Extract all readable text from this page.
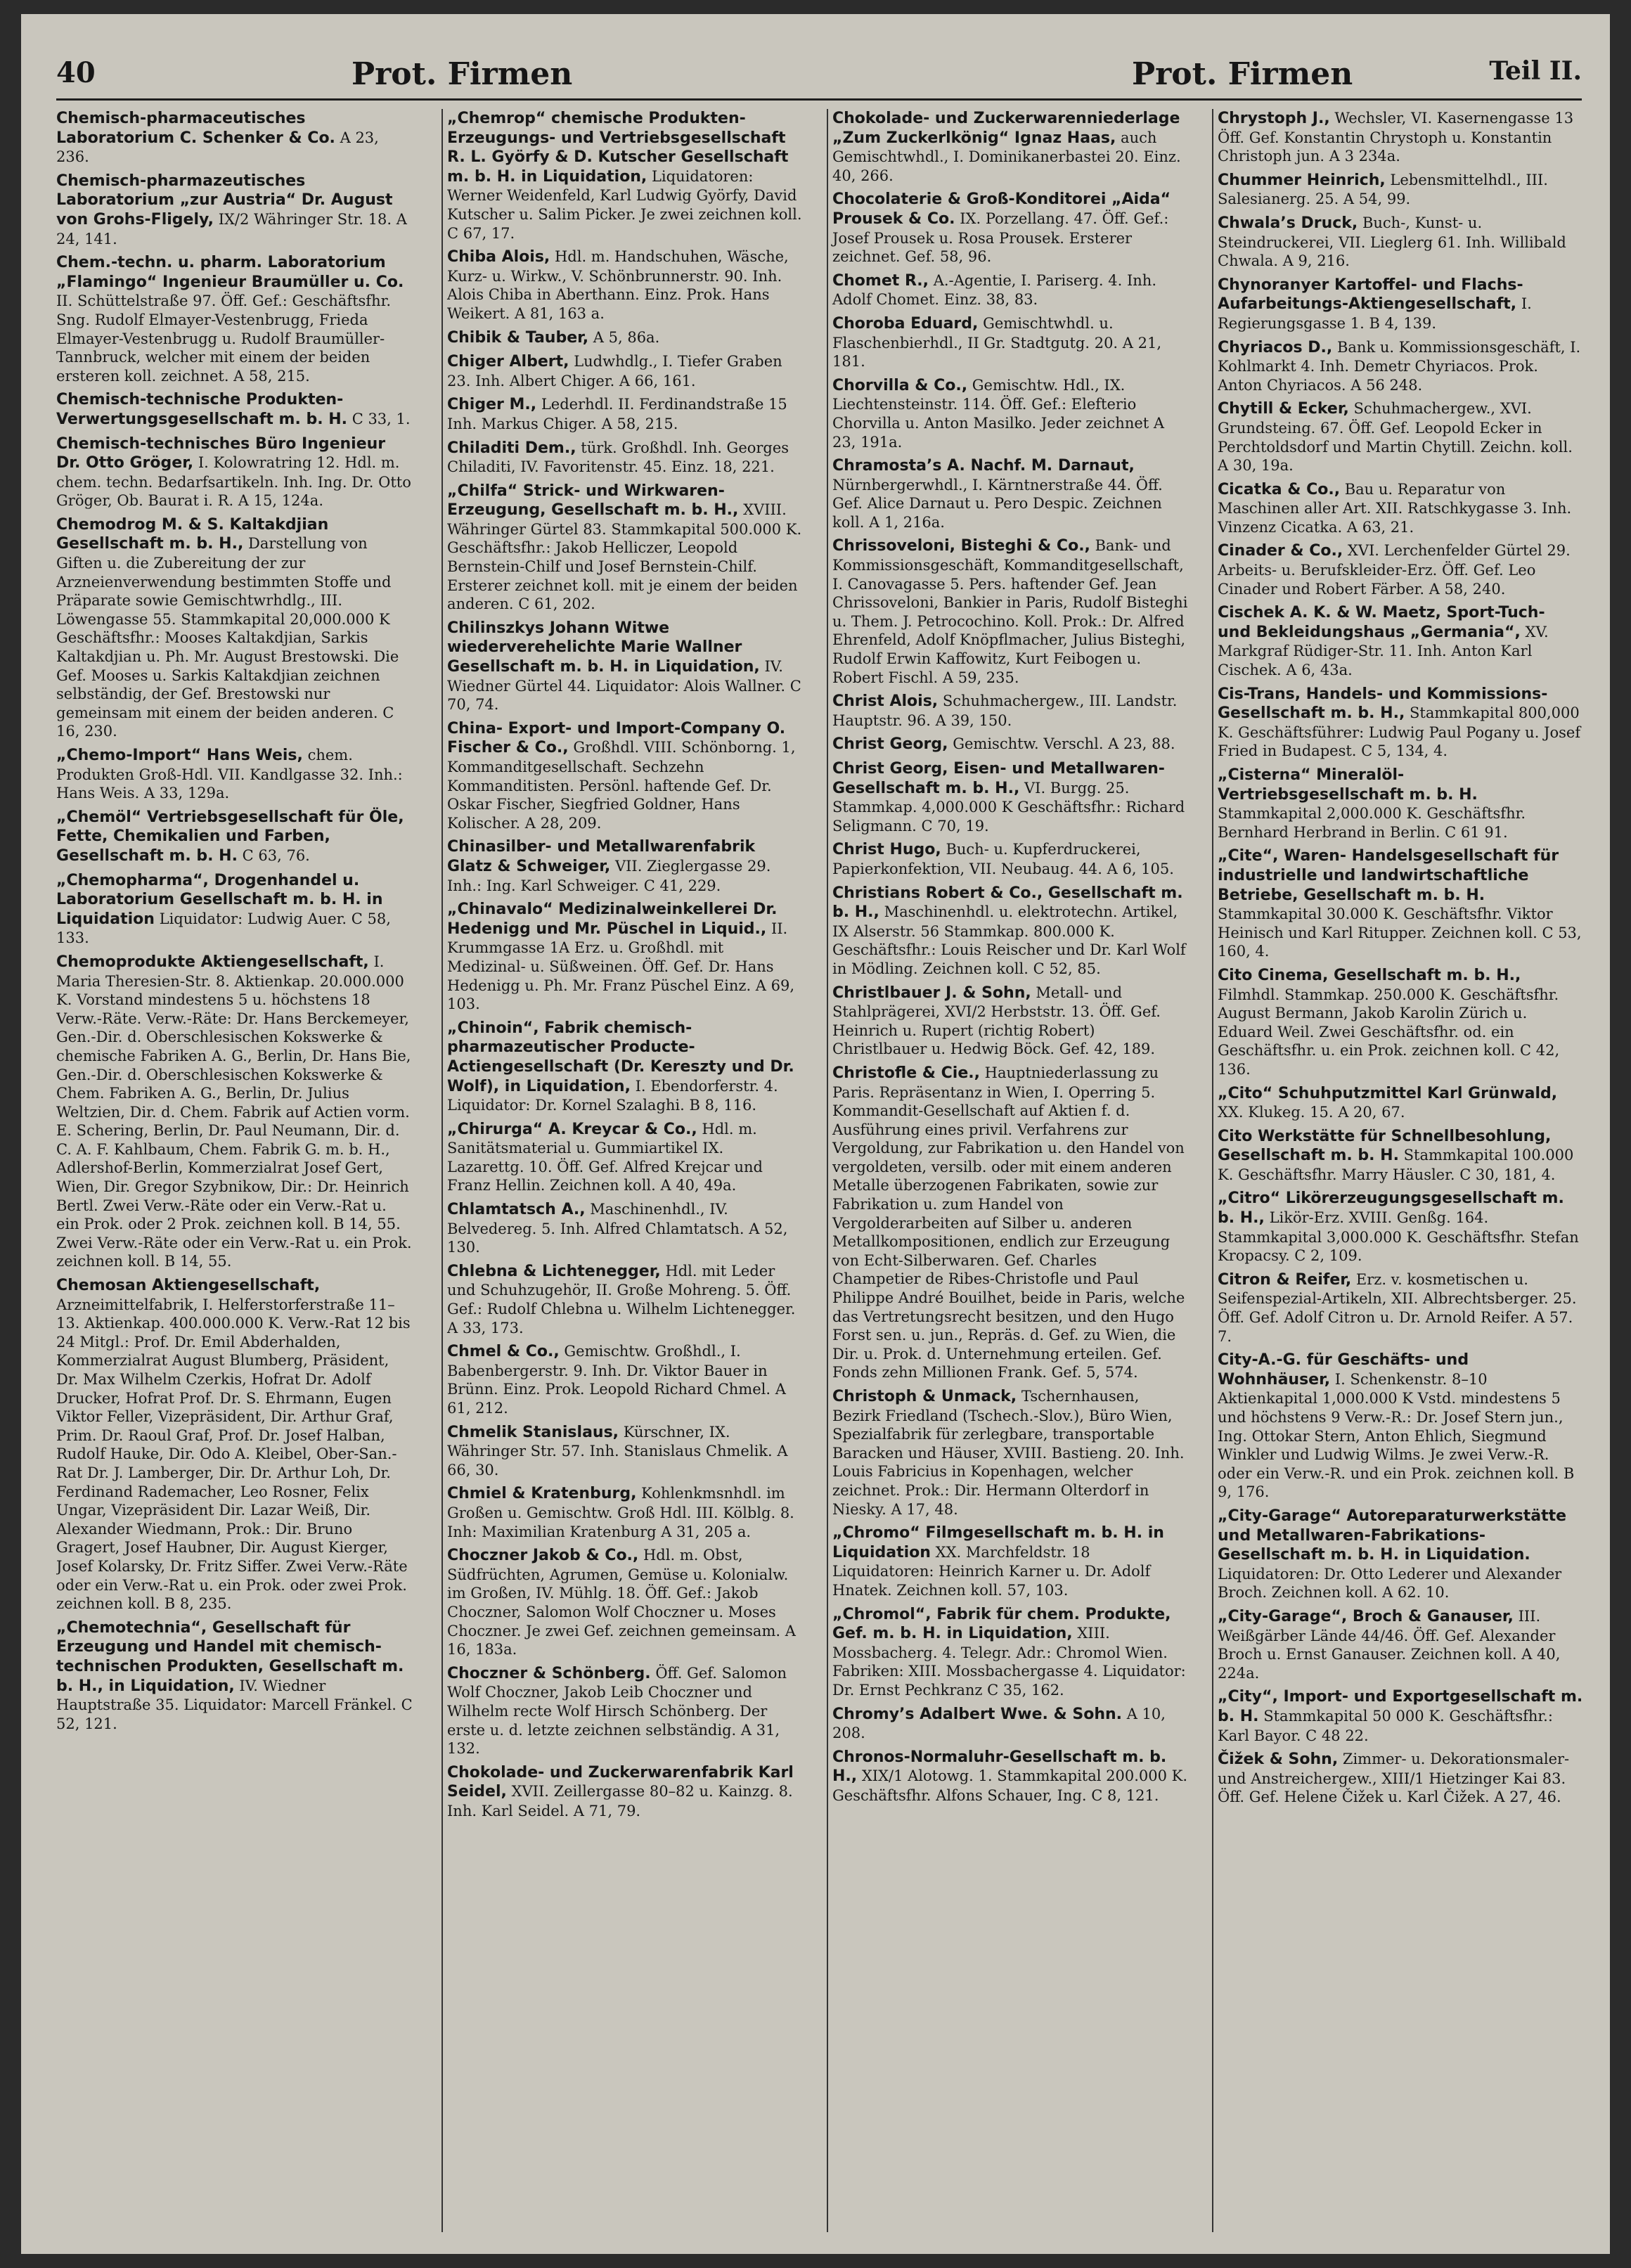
40	Prot. Firmen	Prot. Firmen	Teil II.

Chemisch-pharmaceutisches Laboratorium C. Schenker & Co. A 23, 236.

Chemisch-pharmazeutisches Laboratorium „zur Austria“ Dr. August von Grohs-Fligely, IX/2 Währinger Str. 18. A 24, 141.

Chem.-techn. u. pharm. Laboratorium „Flamingo“ Ingenieur Braumüller u. Co. II. Schüttelstraße 97. Öff. Gef.: Geschäftsfhr. Sng. Rudolf Elmayer-Vestenbrugg, Frieda Elmayer-Vestenbrugg u. Rudolf Braumüller-Tannbruck, welcher mit einem der beiden ersteren koll. zeichnet. A 58, 215.

Chemisch-technische Produkten-Verwertungsgesellschaft m. b. H. C 33, 1.

Chemisch-technisches Büro Ingenieur Dr. Otto Gröger, I. Kolowratring 12. Hdl. m. chem. techn. Bedarfsartikeln. Inh. Ing. Dr. Otto Gröger, Ob. Baurat i. R. A 15, 124a.

Chemodrog M. & S. Kaltakdjian Gesellschaft m. b. H., Darstellung von Giften u. die Zubereitung der zur Arzneienverwendung bestimmten Stoffe und Präparate sowie Gemischtwrhdlg., III. Löwengasse 55. Stammkapital 20,000.000 K Geschäftsfhr.: Mooses Kaltakdjian, Sarkis Kaltakdjian u. Ph. Mr. August Brestowski. Die Gef. Mooses u. Sarkis Kaltakdjian zeichnen selbständig, der Gef. Brestowski nur gemeinsam mit einem der beiden anderen. C 16, 230.

„Chemo-Import“ Hans Weis, chem. Produkten Groß-Hdl. VII. Kandlgasse 32. Inh.: Hans Weis. A 33, 129a.

„Chemöl“ Vertriebsgesellschaft für Öle, Fette, Chemikalien und Farben, Gesellschaft m. b. H. C 63, 76.

„Chemopharma“, Drogenhandel u. Laboratorium Gesellschaft m. b. H. in Liquidation Liquidator: Ludwig Auer. C 58, 133.

Chemoprodukte Aktiengesellschaft, I. Maria Theresien-Str. 8. Aktienkap. 20.000.000 K. Vorstand mindestens 5 u. höchstens 18 Verw.-Räte. Verw.-Räte: Dr. Hans Berckemeyer, Gen.-Dir. d. Oberschlesischen Kokswerke & chemische Fabriken A. G., Berlin, Dr. Hans Bie, Gen.-Dir. d. Oberschlesischen Kokswerke & Chem. Fabriken A. G., Berlin, Dr. Julius Weltzien, Dir. d. Chem. Fabrik auf Actien vorm. E. Schering, Berlin, Dr. Paul Neumann, Dir. d. C. A. F. Kahlbaum, Chem. Fabrik G. m. b. H., Adlershof-Berlin, Kommerzialrat Josef Gert, Wien, Dir. Gregor Szybnikow, Dir.: Dr. Heinrich Bertl. Zwei Verw.-Räte oder ein Verw.-Rat u. ein Prok. oder 2 Prok. zeichnen koll. B 14, 55. Zwei Verw.-Räte oder ein Verw.-Rat u. ein Prok. zeichnen koll. B 14, 55.

Chemosan Aktiengesellschaft, Arzneimittelfabrik, I. Helferstorferstraße 11–13. Aktienkap. 400.000.000 K. Verw.-Rat 12 bis 24 Mitgl.: Prof. Dr. Emil Abderhalden, Kommerzialrat August Blumberg, Präsident, Dr. Max Wilhelm Czerkis, Hofrat Dr. Adolf Drucker, Hofrat Prof. Dr. S. Ehrmann, Eugen Viktor Feller, Vizepräsident, Dir. Arthur Graf, Prim. Dr. Raoul Graf, Prof. Dr. Josef Halban, Rudolf Hauke, Dir. Odo A. Kleibel, Ober-San.-Rat Dr. J. Lamberger, Dir. Dr. Arthur Loh, Dr. Ferdinand Rademacher, Leo Rosner, Felix Ungar, Vizepräsident Dir. Lazar Weiß, Dir. Alexander Wiedmann, Prok.: Dir. Bruno Gragert, Josef Haubner, Dir. August Kierger, Josef Kolarsky, Dr. Fritz Siffer. Zwei Verw.-Räte oder ein Verw.-Rat u. ein Prok. oder zwei Prok. zeichnen koll. B 8, 235.

„Chemotechnia“, Gesellschaft für Erzeugung und Handel mit chemisch-technischen Produkten, Gesellschaft m. b. H., in Liquidation, IV. Wiedner Hauptstraße 35. Liquidator: Marcell Fränkel. C 52, 121.

„Chemrop“ chemische Produkten-Erzeugungs- und Vertriebsgesellschaft R. L. Györfy & D. Kutscher Gesellschaft m. b. H. in Liquidation, Liquidatoren: Werner Weidenfeld, Karl Ludwig Györfy, David Kutscher u. Salim Picker. Je zwei zeichnen koll. C 67, 17.

Chiba Alois, Hdl. m. Handschuhen, Wäsche, Kurz- u. Wirkw., V. Schönbrunnerstr. 90. Inh. Alois Chiba in Aberthann. Einz. Prok. Hans Weikert. A 81, 163 a.

Chibik & Tauber, A 5, 86a.

Chiger Albert, Ludwhdlg., I. Tiefer Graben 23. Inh. Albert Chiger. A 66, 161.

Chiger M., Lederhdl. II. Ferdinandstraße 15 Inh. Markus Chiger. A 58, 215.

Chiladiti Dem., türk. Großhdl. Inh. Georges Chiladiti, IV. Favoritenstr. 45. Einz. 18, 221.

„Chilfa“ Strick- und Wirkwaren-Erzeugung, Gesellschaft m. b. H., XVIII. Währinger Gürtel 83. Stammkapital 500.000 K. Geschäftsfhr.: Jakob Helliczer, Leopold Bernstein-Chilf und Josef Bernstein-Chilf. Ersterer zeichnet koll. mit je einem der beiden anderen. C 61, 202.

Chilinszkys Johann Witwe wiederverehelichte Marie Wallner Gesellschaft m. b. H. in Liquidation, IV. Wiedner Gürtel 44. Liquidator: Alois Wallner. C 70, 74.

China- Export- und Import-Company O. Fischer & Co., Großhdl. VIII. Schönborng. 1, Kommanditgesellschaft. Sechzehn Kommanditisten. Persönl. haftende Gef. Dr. Oskar Fischer, Siegfried Goldner, Hans Kolischer. A 28, 209.

Chinasilber- und Metallwarenfabrik Glatz & Schweiger, VII. Zieglergasse 29. Inh.: Ing. Karl Schweiger. C 41, 229.

„Chinavalo“ Medizinalweinkellerei Dr. Hedenigg und Mr. Püschel in Liquid., II. Krummgasse 1A Erz. u. Großhdl. mit Medizinal- u. Süßweinen. Öff. Gef. Dr. Hans Hedenigg u. Ph. Mr. Franz Püschel Einz. A 69, 103.

„Chinoin“, Fabrik chemisch-pharmazeutischer Producte-Actiengesellschaft (Dr. Kereszty und Dr. Wolf), in Liquidation, I. Ebendorferstr. 4. Liquidator: Dr. Kornel Szalaghi. B 8, 116.

„Chirurga“ A. Kreycar & Co., Hdl. m. Sanitätsmaterial u. Gummiartikel IX. Lazarettg. 10. Öff. Gef. Alfred Krejcar und Franz Hellin. Zeichnen koll. A 40, 49a.

Chlamtatsch A., Maschinenhdl., IV. Belvedereg. 5. Inh. Alfred Chlamtatsch. A 52, 130.

Chlebna & Lichtenegger, Hdl. mit Leder und Schuhzugehör, II. Große Mohreng. 5. Öff. Gef.: Rudolf Chlebna u. Wilhelm Lichtenegger. A 33, 173.

Chmel & Co., Gemischtw. Großhdl., I. Babenbergerstr. 9. Inh. Dr. Viktor Bauer in Brünn. Einz. Prok. Leopold Richard Chmel. A 61, 212.

Chmelik Stanislaus, Kürschner, IX. Währinger Str. 57. Inh. Stanislaus Chmelik. A 66, 30.

Chmiel & Kratenburg, Kohlenkmsnhdl. im Großen u. Gemischtw. Groß Hdl. III. Kölblg. 8. Inh: Maximilian Kratenburg A 31, 205 a.

Choczner Jakob & Co., Hdl. m. Obst, Südfrüchten, Agrumen, Gemüse u. Kolonialw. im Großen, IV. Mühlg. 18. Öff. Gef.: Jakob Choczner, Salomon Wolf Choczner u. Moses Choczner. Je zwei Gef. zeichnen gemeinsam. A 16, 183a.

Choczner & Schönberg. Öff. Gef. Salomon Wolf Choczner, Jakob Leib Choczner und Wilhelm recte Wolf Hirsch Schönberg. Der erste u. d. letzte zeichnen selbständig. A 31, 132.

Chokolade- und Zuckerwarenfabrik Karl Seidel, XVII. Zeillergasse 80–82 u. Kainzg. 8. Inh. Karl Seidel. A 71, 79.

Chokolade- und Zuckerwarenniederlage „Zum Zuckerlkönig“ Ignaz Haas, auch Gemischtwhdl., I. Dominikanerbastei 20. Einz. 40, 266.

Chocolaterie & Groß-Konditorei „Aida“ Prousek & Co. IX. Porzellang. 47. Öff. Gef.: Josef Prousek u. Rosa Prousek. Ersterer zeichnet. Gef. 58, 96.

Chomet R., A.-Agentie, I. Pariserg. 4. Inh. Adolf Chomet. Einz. 38, 83.

Choroba Eduard, Gemischtwhdl. u. Flaschenbierhdl., II Gr. Stadtgutg. 20. A 21, 181.

Chorvilla & Co., Gemischtw. Hdl., IX. Liechtensteinstr. 114. Öff. Gef.: Elefterio Chorvilla u. Anton Masilko. Jeder zeichnet A 23, 191a.

Chramosta’s A. Nachf. M. Darnaut, Nürnbergerwhdl., I. Kärntnerstraße 44. Öff. Gef. Alice Darnaut u. Pero Despic. Zeichnen koll. A 1, 216a.

Chrissoveloni, Bisteghi & Co., Bank- und Kommissionsgeschäft, Kommanditgesellschaft, I. Canovagasse 5. Pers. haftender Gef. Jean Chrissoveloni, Bankier in Paris, Rudolf Bisteghi u. Them. J. Petrocochino. Koll. Prok.: Dr. Alfred Ehrenfeld, Adolf Knöpflmacher, Julius Bisteghi, Rudolf Erwin Kaffowitz, Kurt Feibogen u. Robert Fischl. A 59, 235.

Christ Alois, Schuhmachergew., III. Landstr. Hauptstr. 96. A 39, 150.

Christ Georg, Gemischtw. Verschl. A 23, 88.

Christ Georg, Eisen- und Metallwaren-Gesellschaft m. b. H., VI. Burgg. 25. Stammkap. 4,000.000 K Geschäftsfhr.: Richard Seligmann. C 70, 19.

Christ Hugo, Buch- u. Kupferdruckerei, Papierkonfektion, VII. Neubaug. 44. A 6, 105.

Christians Robert & Co., Gesellschaft m. b. H., Maschinenhdl. u. elektrotechn. Artikel, IX Alserstr. 56 Stammkap. 800.000 K. Geschäftsfhr.: Louis Reischer und Dr. Karl Wolf in Mödling. Zeichnen koll. C 52, 85.

Christlbauer J. & Sohn, Metall- und Stahlprägerei, XVI/2 Herbststr. 13. Öff. Gef. Heinrich u. Rupert (richtig Robert) Christlbauer u. Hedwig Böck. Gef. 42, 189.

Christofle & Cie., Hauptniederlassung zu Paris. Repräsentanz in Wien, I. Operring 5. Kommandit-Gesellschaft auf Aktien f. d. Ausführung eines privil. Verfahrens zur Vergoldung, zur Fabrikation u. den Handel von vergoldeten, versilb. oder mit einem anderen Metalle überzogenen Fabrikaten, sowie zur Fabrikation u. zum Handel von Vergolderarbeiten auf Silber u. anderen Metallkompositionen, endlich zur Erzeugung von Echt-Silberwaren. Gef. Charles Champetier de Ribes-Christofle und Paul Philippe André Bouilhet, beide in Paris, welche das Vertretungsrecht besitzen, und den Hugo Forst sen. u. jun., Repräs. d. Gef. zu Wien, die Dir. u. Prok. d. Unternehmung erteilen. Gef. Fonds zehn Millionen Frank. Gef. 5, 574.

Christoph & Unmack, Tschernhausen, Bezirk Friedland (Tschech.-Slov.), Büro Wien, Spezialfabrik für zerlegbare, transportable Baracken und Häuser, XVIII. Bastieng. 20. Inh. Louis Fabricius in Kopenhagen, welcher zeichnet. Prok.: Dir. Hermann Olterdorf in Niesky. A 17, 48.

„Chromo“ Filmgesellschaft m. b. H. in Liquidation XX. Marchfeldstr. 18 Liquidatoren: Heinrich Karner u. Dr. Adolf Hnatek. Zeichnen koll. 57, 103.

„Chromol“, Fabrik für chem. Produkte, Gef. m. b. H. in Liquidation, XIII. Mossbacherg. 4. Telegr. Adr.: Chromol Wien. Fabriken: XIII. Mossbachergasse 4. Liquidator: Dr. Ernst Pechkranz C 35, 162.

Chromy’s Adalbert Wwe. & Sohn. A 10, 208.

Chronos-Normaluhr-Gesellschaft m. b. H., XIX/1 Alotowg. 1. Stammkapital 200.000 K. Geschäftsfhr. Alfons Schauer, Ing. C 8, 121.

Chrystoph J., Wechsler, VI. Kasernengasse 13 Öff. Gef. Konstantin Chrystoph u. Konstantin Christoph jun. A 3 234a.

Chummer Heinrich, Lebensmittelhdl., III. Salesianerg. 25. A 54, 99.

Chwala’s Druck, Buch-, Kunst- u. Steindruckerei, VII. Lieglerg 61. Inh. Willibald Chwala. A 9, 216.

Chynoranyer Kartoffel- und Flachs-Aufarbeitungs-Aktiengesellschaft, I. Regierungsgasse 1. B 4, 139.

Chyriacos D., Bank u. Kommissionsgeschäft, I. Kohlmarkt 4. Inh. Demetr Chyriacos. Prok. Anton Chyriacos. A 56 248.

Chytill & Ecker, Schuhmachergew., XVI. Grundsteing. 67. Öff. Gef. Leopold Ecker in Perchtoldsdorf und Martin Chytill. Zeichn. koll. A 30, 19a.

Cicatka & Co., Bau u. Reparatur von Maschinen aller Art. XII. Ratschkygasse 3. Inh. Vinzenz Cicatka. A 63, 21.

Cinader & Co., XVI. Lerchenfelder Gürtel 29. Arbeits- u. Berufskleider-Erz. Öff. Gef. Leo Cinader und Robert Färber. A 58, 240.

Cischek A. K. & W. Maetz, Sport-Tuch- und Bekleidungshaus „Germania“, XV. Markgraf Rüdiger-Str. 11. Inh. Anton Karl Cischek. A 6, 43a.

Cis-Trans, Handels- und Kommissions-Gesellschaft m. b. H., Stammkapital 800,000 K. Geschäftsführer: Ludwig Paul Pogany u. Josef Fried in Budapest. C 5, 134, 4.

„Cisterna“ Mineralöl-Vertriebsgesellschaft m. b. H. Stammkapital 2,000.000 K. Geschäftsfhr. Bernhard Herbrand in Berlin. C 61 91.

„Cite“, Waren- Handelsgesellschaft für industrielle und landwirtschaftliche Betriebe, Gesellschaft m. b. H. Stammkapital 30.000 K. Geschäftsfhr. Viktor Heinisch und Karl Ritupper. Zeichnen koll. C 53, 160, 4.

Cito Cinema, Gesellschaft m. b. H., Filmhdl. Stammkap. 250.000 K. Geschäftsfhr. August Bermann, Jakob Karolin Zürich u. Eduard Weil. Zwei Geschäftsfhr. od. ein Geschäftsfhr. u. ein Prok. zeichnen koll. C 42, 136.

„Cito“ Schuhputzmittel Karl Grünwald, XX. Klukeg. 15. A 20, 67.

Cito Werkstätte für Schnellbesohlung, Gesellschaft m. b. H. Stammkapital 100.000 K. Geschäftsfhr. Marry Häusler. C 30, 181, 4.

„Citro“ Likörerzeugungsgesellschaft m. b. H., Likör-Erz. XVIII. Genßg. 164. Stammkapital 3,000.000 K. Geschäftsfhr. Stefan Kropacsy. C 2, 109.

Citron & Reifer, Erz. v. kosmetischen u. Seifenspezial-Artikeln, XII. Albrechtsberger. 25. Öff. Gef. Adolf Citron u. Dr. Arnold Reifer. A 57. 7.

City-A.-G. für Geschäfts- und Wohnhäuser, I. Schenkenstr. 8–10 Aktienkapital 1,000.000 K Vstd. mindestens 5 und höchstens 9 Verw.-R.: Dr. Josef Stern jun., Ing. Ottokar Stern, Anton Ehlich, Siegmund Winkler und Ludwig Wilms. Je zwei Verw.-R. oder ein Verw.-R. und ein Prok. zeichnen koll. B 9, 176.

„City-Garage“ Autoreparaturwerkstätte und Metallwaren-Fabrikations-Gesellschaft m. b. H. in Liquidation. Liquidatoren: Dr. Otto Lederer und Alexander Broch. Zeichnen koll. A 62. 10.

„City-Garage“, Broch & Ganauser, III. Weißgärber Lände 44/46. Öff. Gef. Alexander Broch u. Ernst Ganauser. Zeichnen koll. A 40, 224a.

„City“, Import- und Exportgesellschaft m. b. H. Stammkapital 50 000 K. Geschäftsfhr.: Karl Bayor. C 48 22.

Čižek & Sohn, Zimmer- u. Dekorationsmaler- und Anstreichergew., XIII/1 Hietzinger Kai 83. Öff. Gef. Helene Čižek u. Karl Čižek. A 27, 46.
